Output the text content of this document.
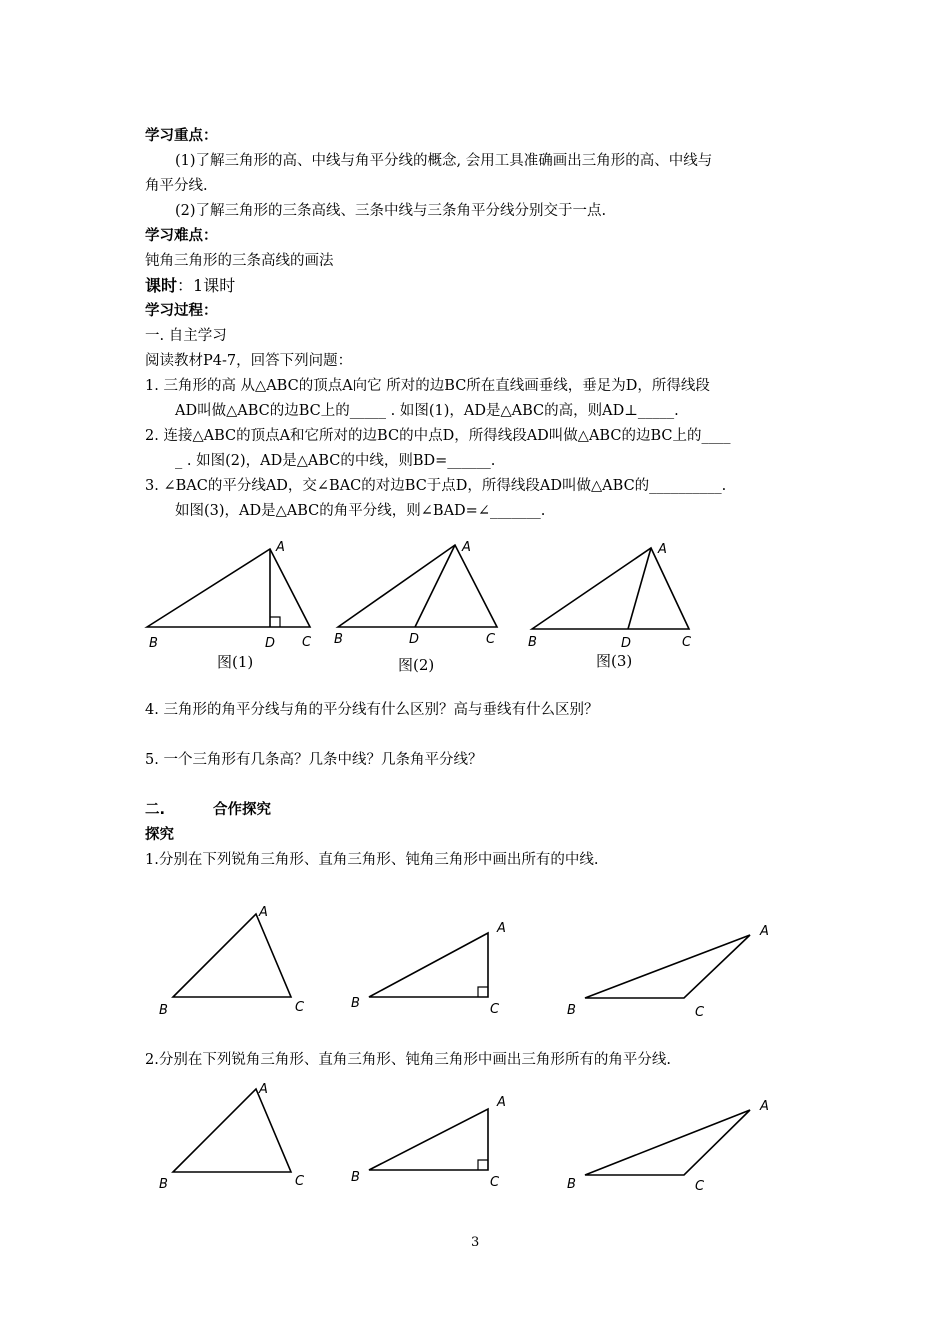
学习重点：
(1)了解三角形的高、中线与角平分线的概念, 会用工具准确画出三角形的高、中线与
角平分线.
(2)了解三角形的三条高线、三条中线与三条角平分线分别交于一点.
学习难点：
钝角三角形的三条高线的画法
课时：1课时
学习过程：
一. 自主学习
阅读教材P4-7，回答下列问题：
1. 三角形的高 从△ABC的顶点A向它 所对的边BC所在直线画垂线，垂足为D，所得线段
AD叫做△ABC的边BC上的_____ . 如图(1)，AD是△ABC的高，则AD⊥_____.
2. 连接△ABC的顶点A和它所对的边BC的中点D，所得线段AD叫做△ABC的边BC上的____
_ . 如图(2)，AD是△ABC的中线，则BD=______.
3. ∠BAC的平分线AD，交∠BAC的对边BC于点D，所得线段AD叫做△ABC的__________.
如图(3)，AD是△ABC的角平分线，则∠BAD=∠_______.
A
B	D C
图(1)
A
B	D	C
图(2)
A
B	D	C
图(3)
4. 三角形的角平分线与角的平分线有什么区别？高与垂线有什么区别？
5. 一个三角形有几条高？几条中线？几条角平分线？
二.	合作探究
探究
1.分别在下列锐角三角形、直角三角形、钝角三角形中画出所有的中线.
A
B	C
A
B	C
A
B	C
2.分别在下列锐角三角形、直角三角形、钝角三角形中画出三角形所有的角平分线.
A
B	C
A
B	C
A
B	C
3
